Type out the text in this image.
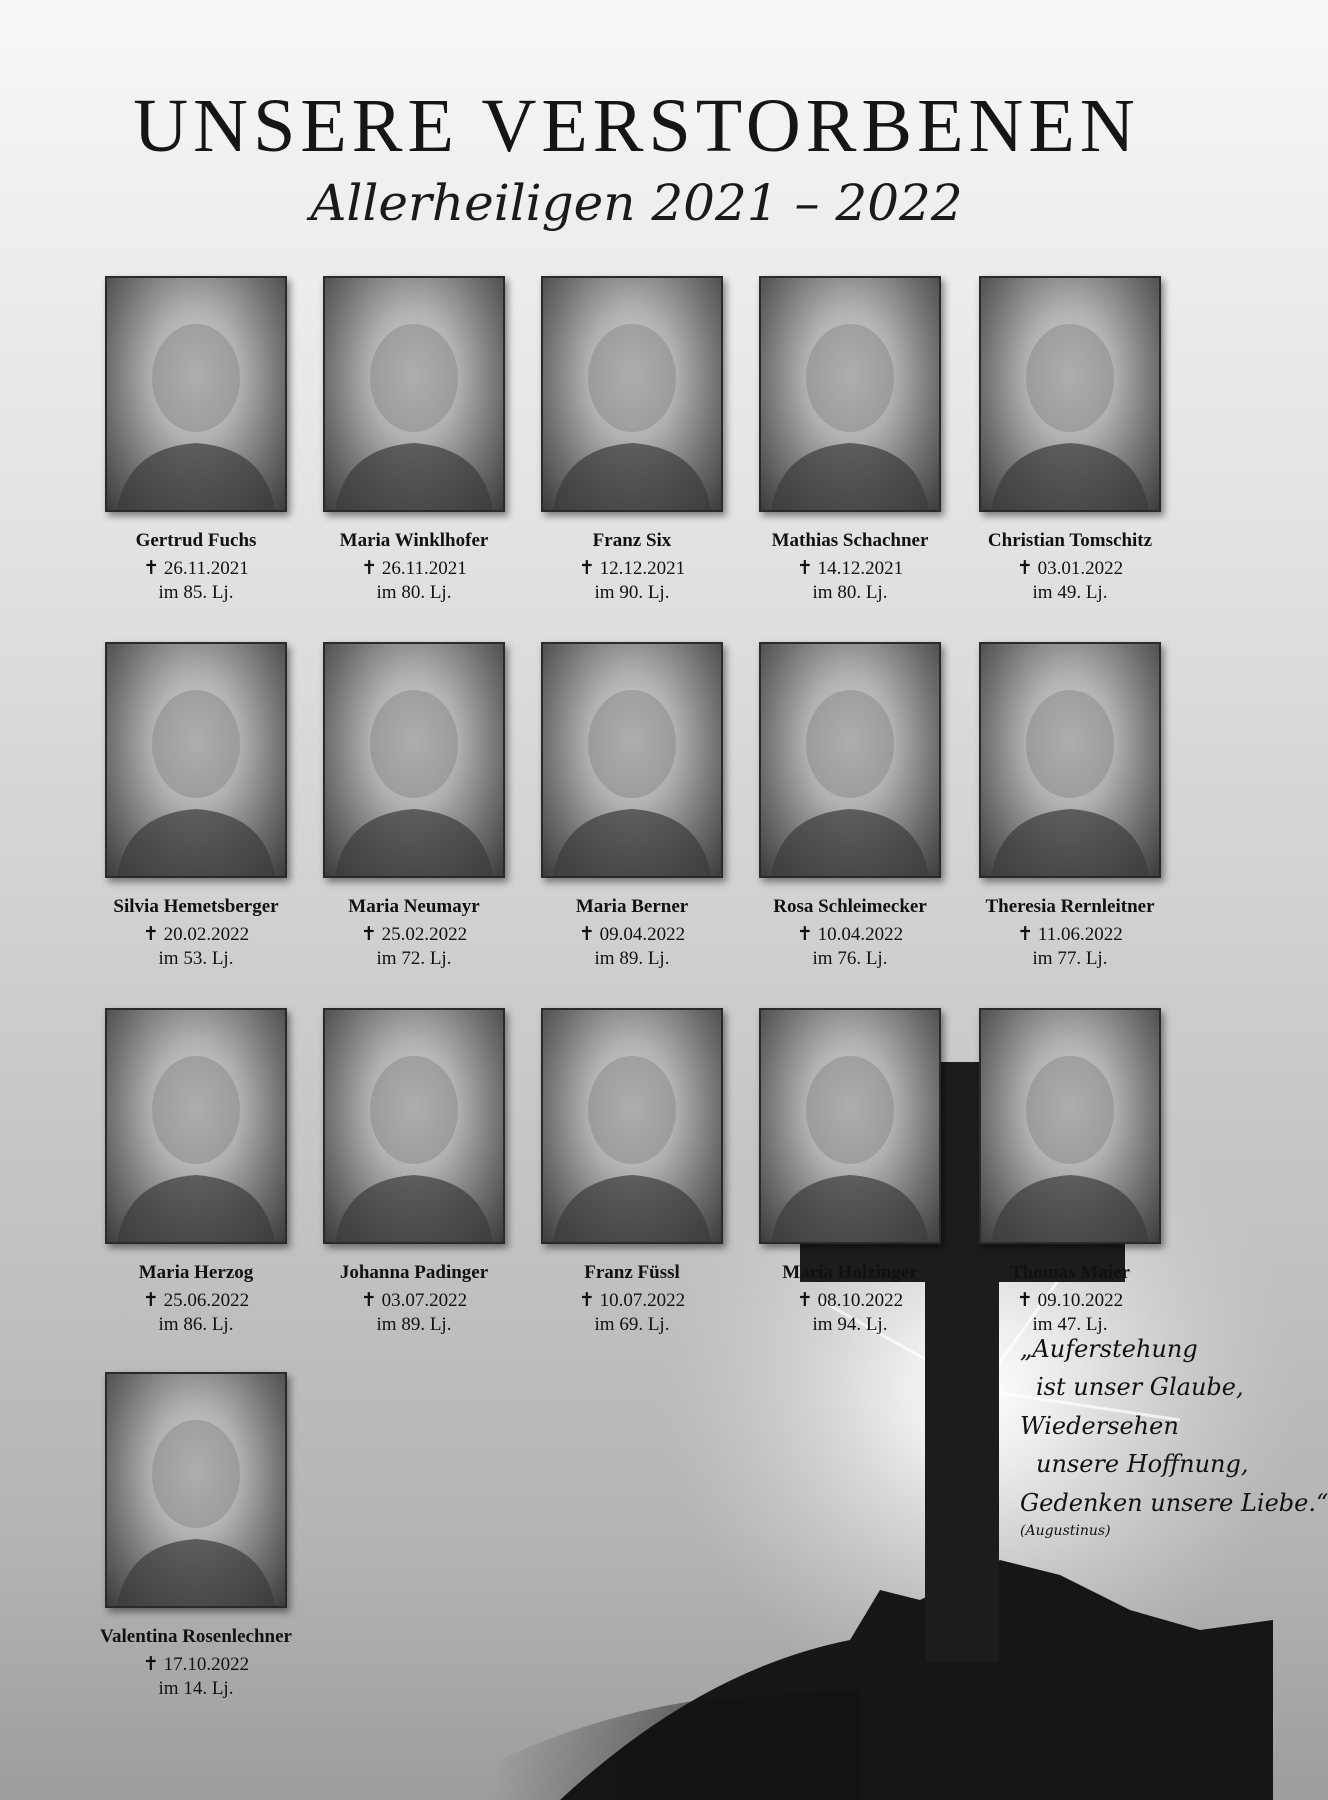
UNSERE VERSTORBENEN
Allerheiligen 2021 – 2022
Gertrud Fuchs
✝ 26.11.2021
im 85. Lj.
Maria Winklhofer
✝ 26.11.2021
im 80. Lj.
Franz Six
✝ 12.12.2021
im 90. Lj.
Mathias Schachner
✝ 14.12.2021
im 80. Lj.
Christian Tomschitz
✝ 03.01.2022
im 49. Lj.
Silvia Hemetsberger
✝ 20.02.2022
im 53. Lj.
Maria Neumayr
✝ 25.02.2022
im 72. Lj.
Maria Berner
✝ 09.04.2022
im 89. Lj.
Rosa Schleimecker
✝ 10.04.2022
im 76. Lj.
Theresia Rernleitner
✝ 11.06.2022
im 77. Lj.
Maria Herzog
✝ 25.06.2022
im 86. Lj.
Johanna Padinger
✝ 03.07.2022
im 89. Lj.
Franz Füssl
✝ 10.07.2022
im 69. Lj.
Maria Holzinger
✝ 08.10.2022
im 94. Lj.
Thomas Maier
✝ 09.10.2022
im 47. Lj.
Valentina Rosenlechner
✝ 17.10.2022
im 14. Lj.
„Auferstehung
ist unser Glaube,
Wiedersehen
unsere Hoffnung,
Gedenken unsere Liebe.“
(Augustinus)
